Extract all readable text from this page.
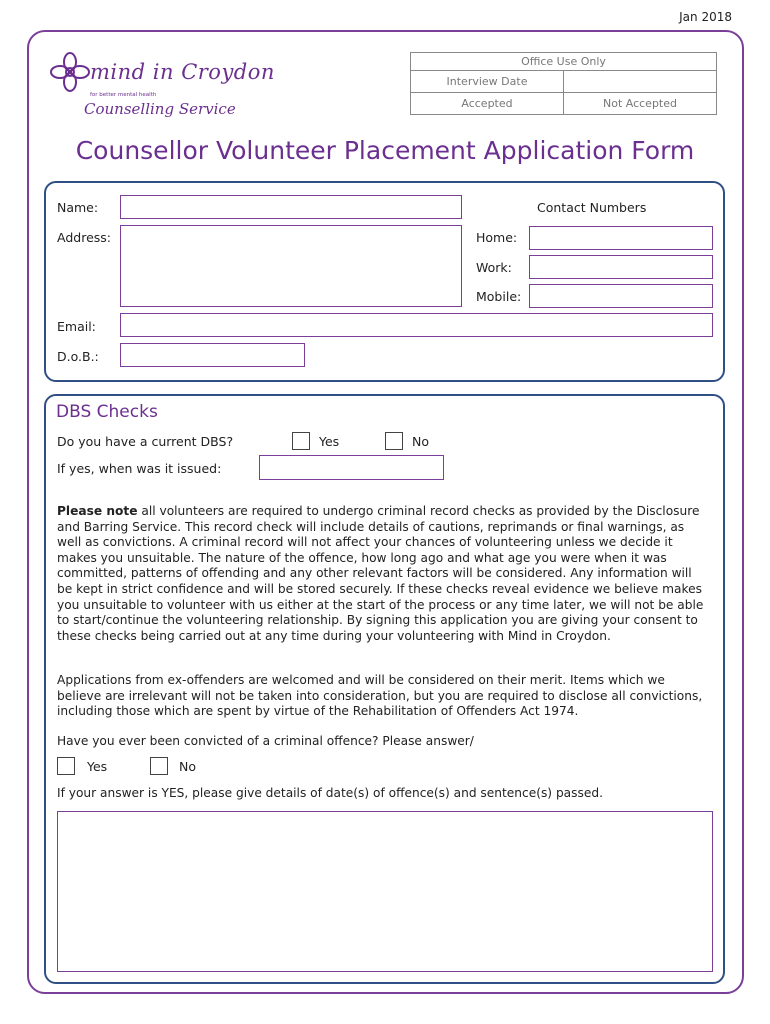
Jan 2018
mind in Croydon
for better mental health
Counselling Service
Office Use Only	
Interview Date	
Accepted	Not Accepted
Counsellor Volunteer Placement Application Form
Name:	Contact Numbers
Address:	Home:
Work:
Mobile:
Email:
D.o.B.:
DBS Checks
Do you have a current DBS?	Yes	No
If yes, when was it issued:
Please note all volunteers are required to undergo criminal record checks as provided by the Disclosure and Barring Service. This record check will include details of cautions, reprimands or final warnings, as well as convictions. A criminal record will not affect your chances of volunteering unless we decide it makes you unsuitable. The nature of the offence, how long ago and what age you were when it was committed, patterns of offending and any other relevant factors will be considered. Any information will be kept in strict confidence and will be stored securely. If these checks reveal evidence we believe makes you unsuitable to volunteer with us either at the start of the process or any time later, we will not be able to start/continue the volunteering relationship. By signing this application you are giving your consent to these checks being carried out at any time during your volunteering with Mind in Croydon.
Applications from ex-offenders are welcomed and will be considered on their merit. Items which we believe are irrelevant will not be taken into consideration, but you are required to disclose all convictions, including those which are spent by virtue of the Rehabilitation of Offenders Act 1974.
Have you ever been convicted of a criminal offence? Please answer/
Yes	No
If your answer is YES, please give details of date(s) of offence(s) and sentence(s) passed.
